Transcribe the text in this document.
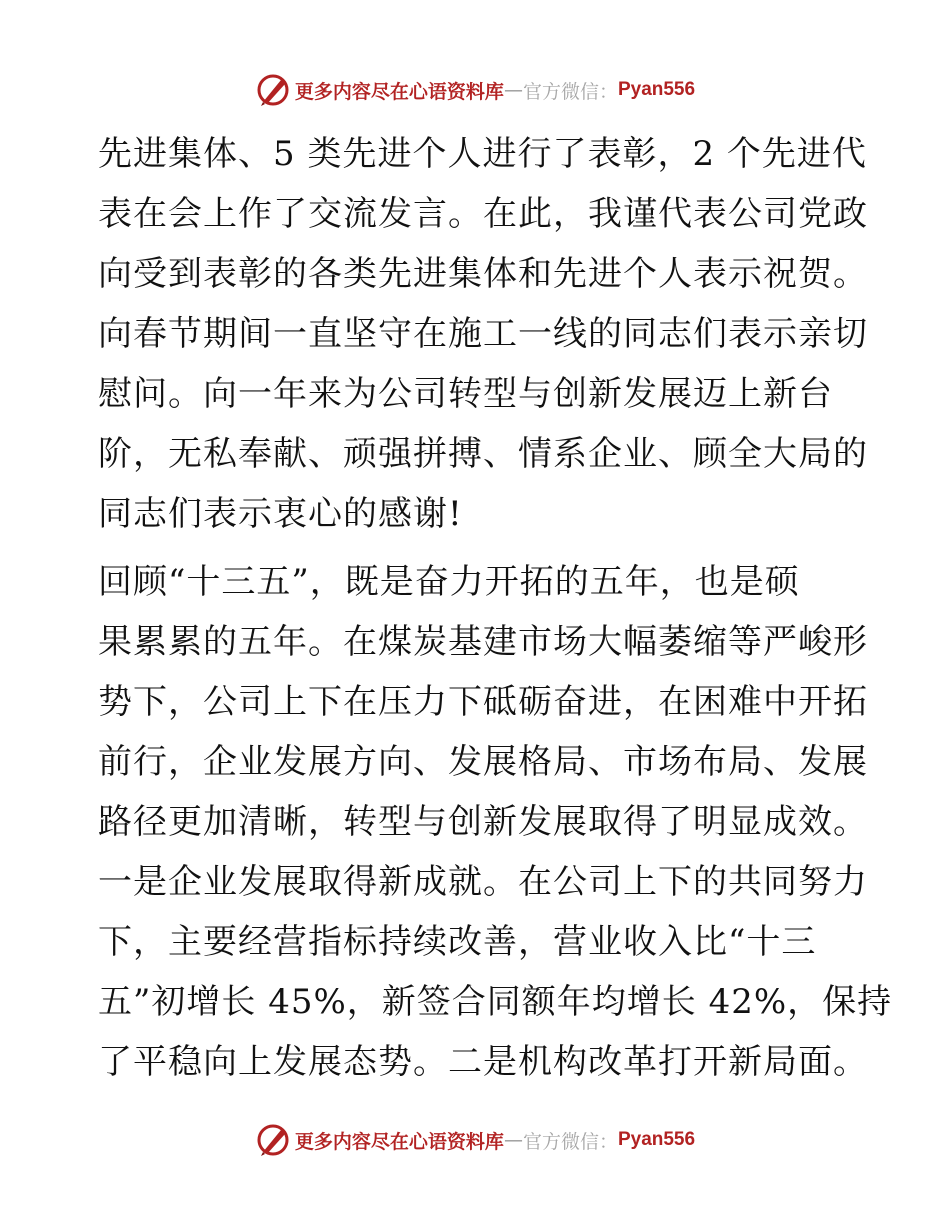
更多内容尽在心语资料库 — 官方微信： Pyan556
先进集体、5 类先进个人进行了表彰，2 个先进代
表在会上作了交流发言。在此，我谨代表公司党政
向受到表彰的各类先进集体和先进个人表示祝贺。
向春节期间一直坚守在施工一线的同志们表示亲切
慰问。向一年来为公司转型与创新发展迈上新台
阶，无私奉献、顽强拼搏、情系企业、顾全大局的
同志们表示衷心的感谢!
回顾“十三五”，既是奋力开拓的五年，也是硕
果累累的五年。在煤炭基建市场大幅萎缩等严峻形
势下，公司上下在压力下砥砺奋进，在困难中开拓
前行，企业发展方向、发展格局、市场布局、发展
路径更加清晰，转型与创新发展取得了明显成效。
一是企业发展取得新成就。在公司上下的共同努力
下，主要经营指标持续改善，营业收入比“十三
五”初增长 45%，新签合同额年均增长 42%，保持
了平稳向上发展态势。二是机构改革打开新局面。
更多内容尽在心语资料库 — 官方微信： Pyan556
